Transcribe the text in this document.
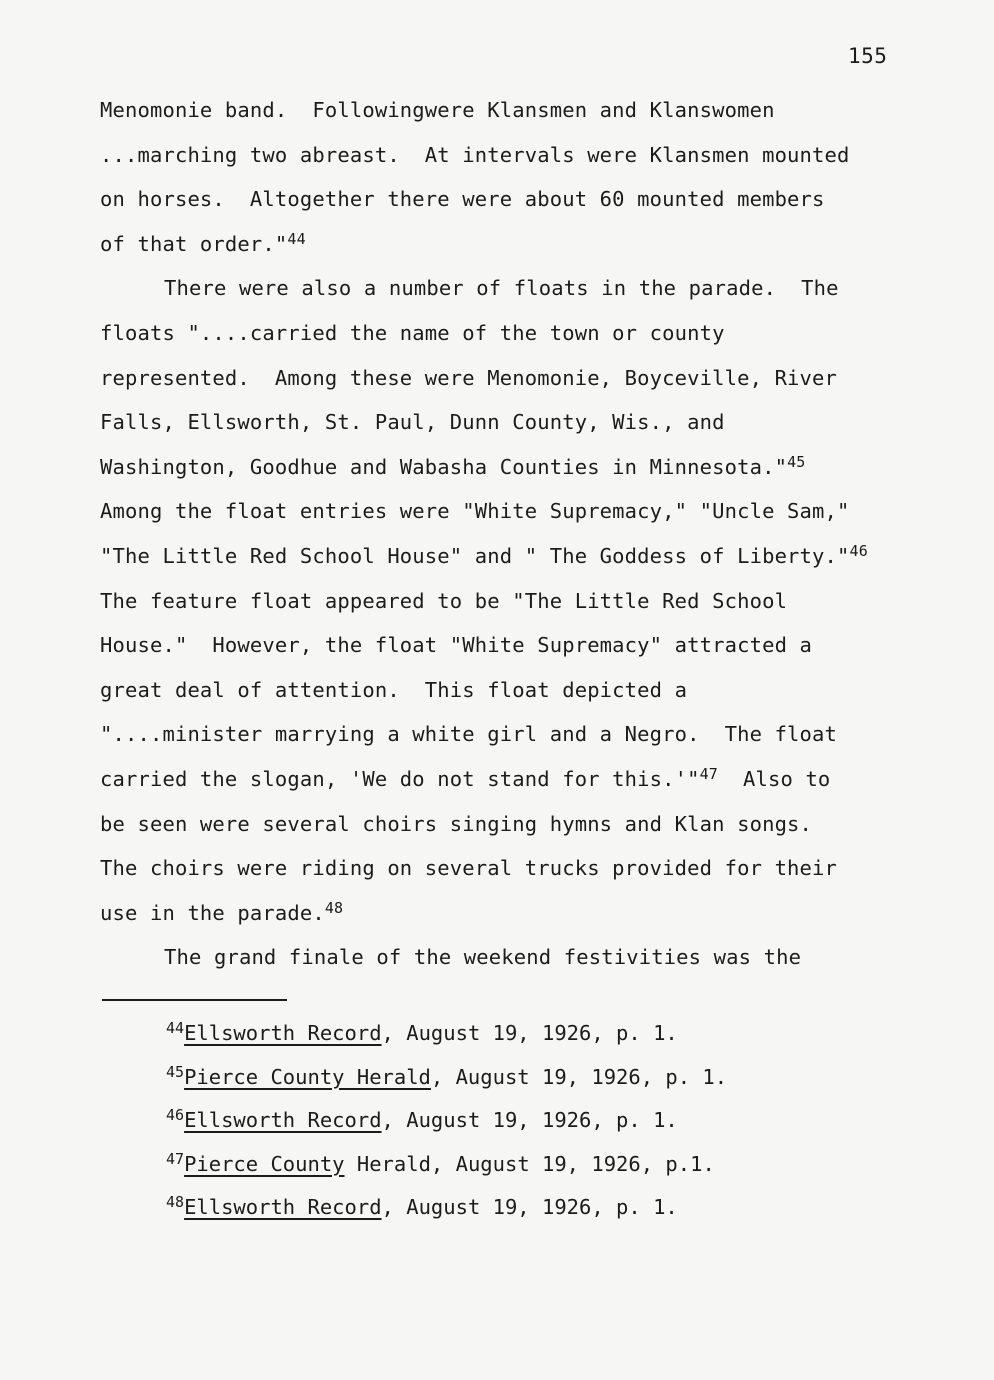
155
Menomonie band.  Followingwere Klansmen and Klanswomen
...marching two abreast.  At intervals were Klansmen mounted
on horses.  Altogether there were about 60 mounted members
of that order."$^{44}$
There were also a number of floats in the parade.  The
floats "....carried the name of the town or county
represented.  Among these were Menomonie, Boyceville, River
Falls, Ellsworth, St. Paul, Dunn County, Wis., and
Washington, Goodhue and Wabasha Counties in Minnesota."$^{45}$
Among the float entries were "White Supremacy," "Uncle Sam,"
"The Little Red School House" and " The Goddess of Liberty."$^{46}$
The feature float appeared to be "The Little Red School
House."  However, the float "White Supremacy" attracted a
great deal of attention.  This float depicted a
"....minister marrying a white girl and a Negro.  The float
carried the slogan, 'We do not stand for this.'"$^{47}$ Also to
be seen were several choirs singing hymns and Klan songs.
The choirs were riding on several trucks provided for their
use in the parade.$^{48}$
The grand finale of the weekend festivities was the
$^{44}$Ellsworth Record, August 19, 1926, p. 1.
$^{45}$Pierce County Herald, August 19, 1926, p. 1.
$^{46}$Ellsworth Record, August 19, 1926, p. 1.
$^{47}$Pierce County Herald, August 19, 1926, p.1.
$^{48}$Ellsworth Record, August 19, 1926, p. 1.
